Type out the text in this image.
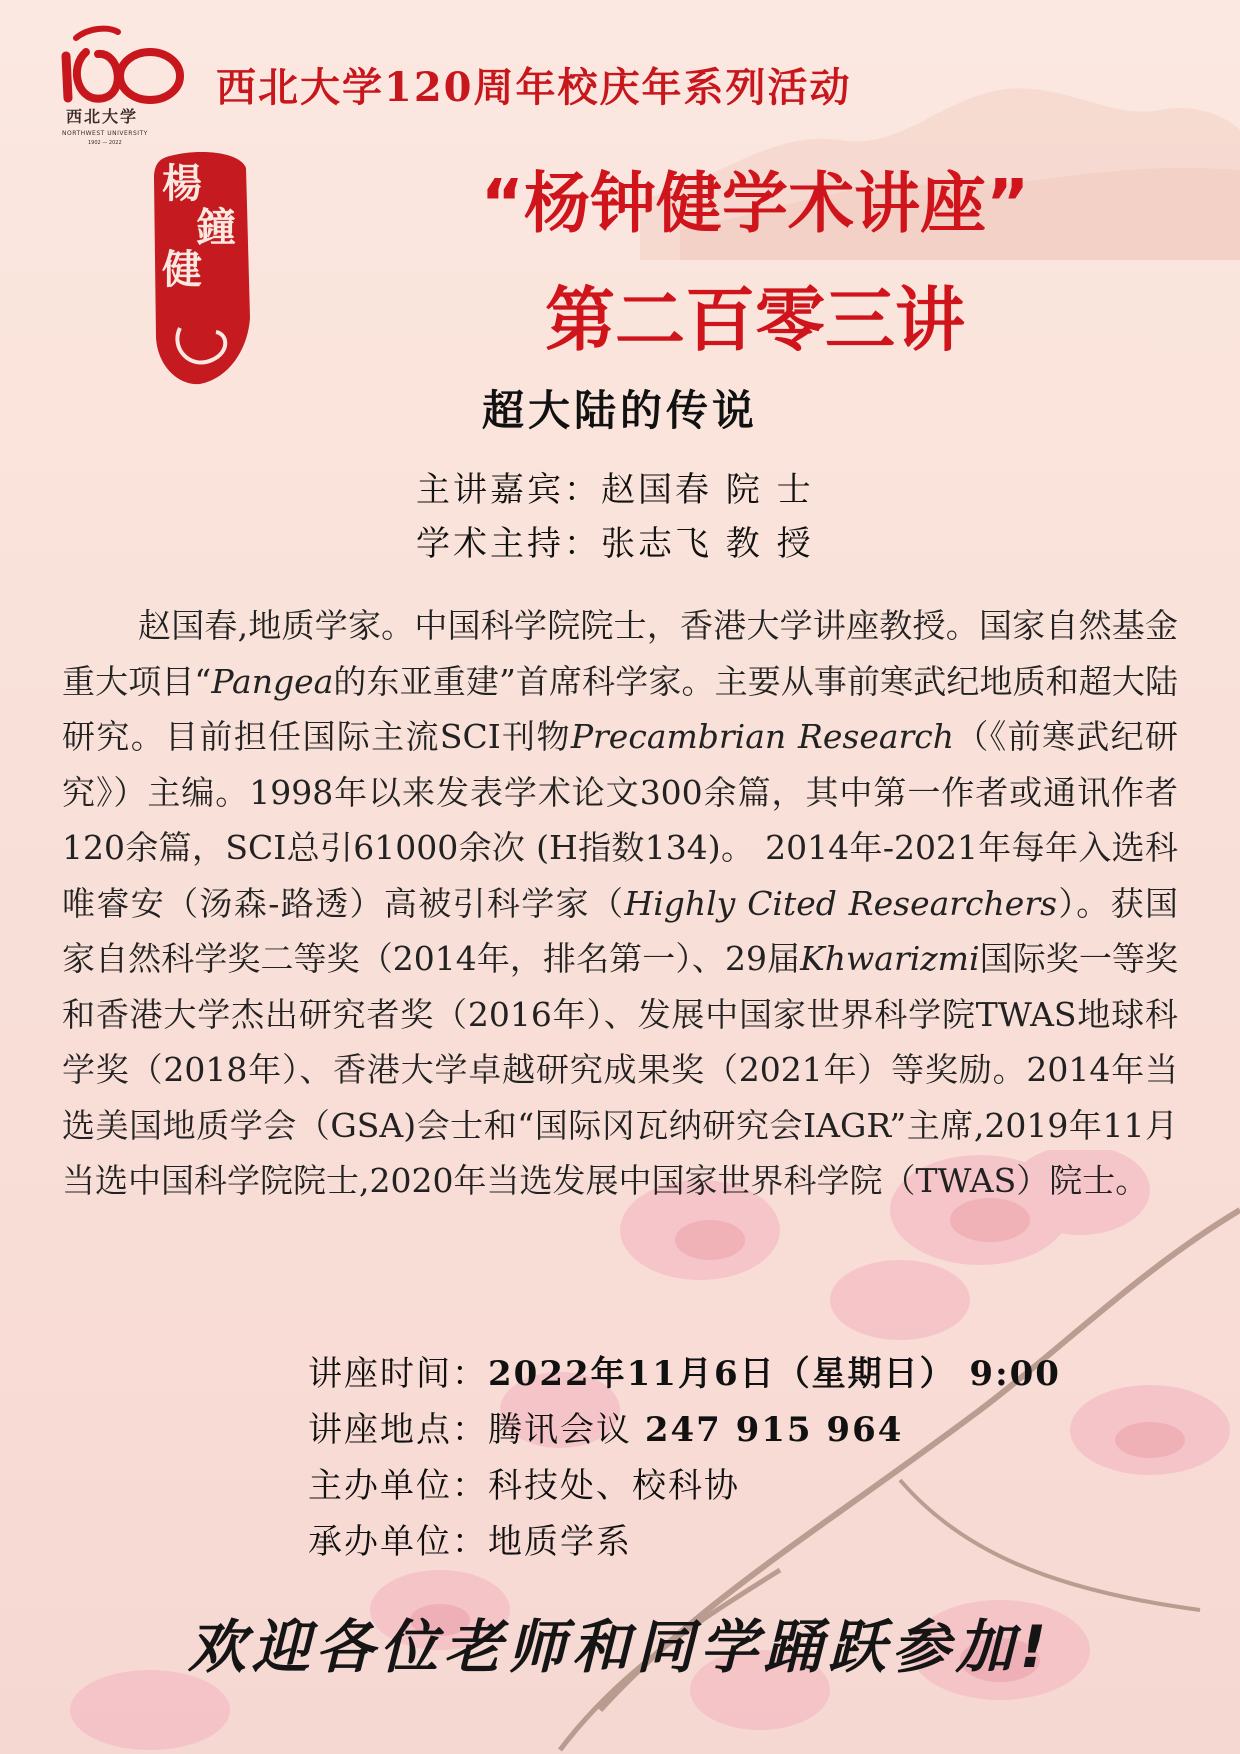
西北大学
NORTHWEST UNIVERSITY
1902 — 2022
西北大学120周年校庆年系列活动
楊
鐘
健
“杨钟健学术讲座”
第二百零三讲
超大陆的传说
主讲嘉宾：赵国春 院 士
学术主持：张志飞 教 授
赵国春,地质学家。中国科学院院士，香港大学讲座教授。国家自然基金重大项目“Pangea的东亚重建”首席科学家。主要从事前寒武纪地质和超大陆研究。目前担任国际主流SCI刊物Precambrian Research（《前寒武纪研究》）主编。1998年以来发表学术论文300余篇，其中第一作者或通讯作者120余篇，SCI总引61000余次 (H指数134)。 2014年-2021年每年入选科唯睿安（汤森-路透）高被引科学家（Highly Cited Researchers）。获国家自然科学奖二等奖（2014年，排名第一）、29届Khwarizmi国际奖一等奖和香港大学杰出研究者奖（2016年）、发展中国家世界科学院TWAS地球科学奖（2018年）、香港大学卓越研究成果奖（2021年）等奖励。2014年当选美国地质学会（GSA)会士和“国际冈瓦纳研究会IAGR”主席,2019年11月当选中国科学院院士,2020年当选发展中国家世界科学院（TWAS）院士。
讲座时间：2022年11月6日（星期日） 9:00
讲座地点：腾讯会议 247 915 964
主办单位：科技处、校科协
承办单位：地质学系
欢迎各位老师和同学踊跃参加!
